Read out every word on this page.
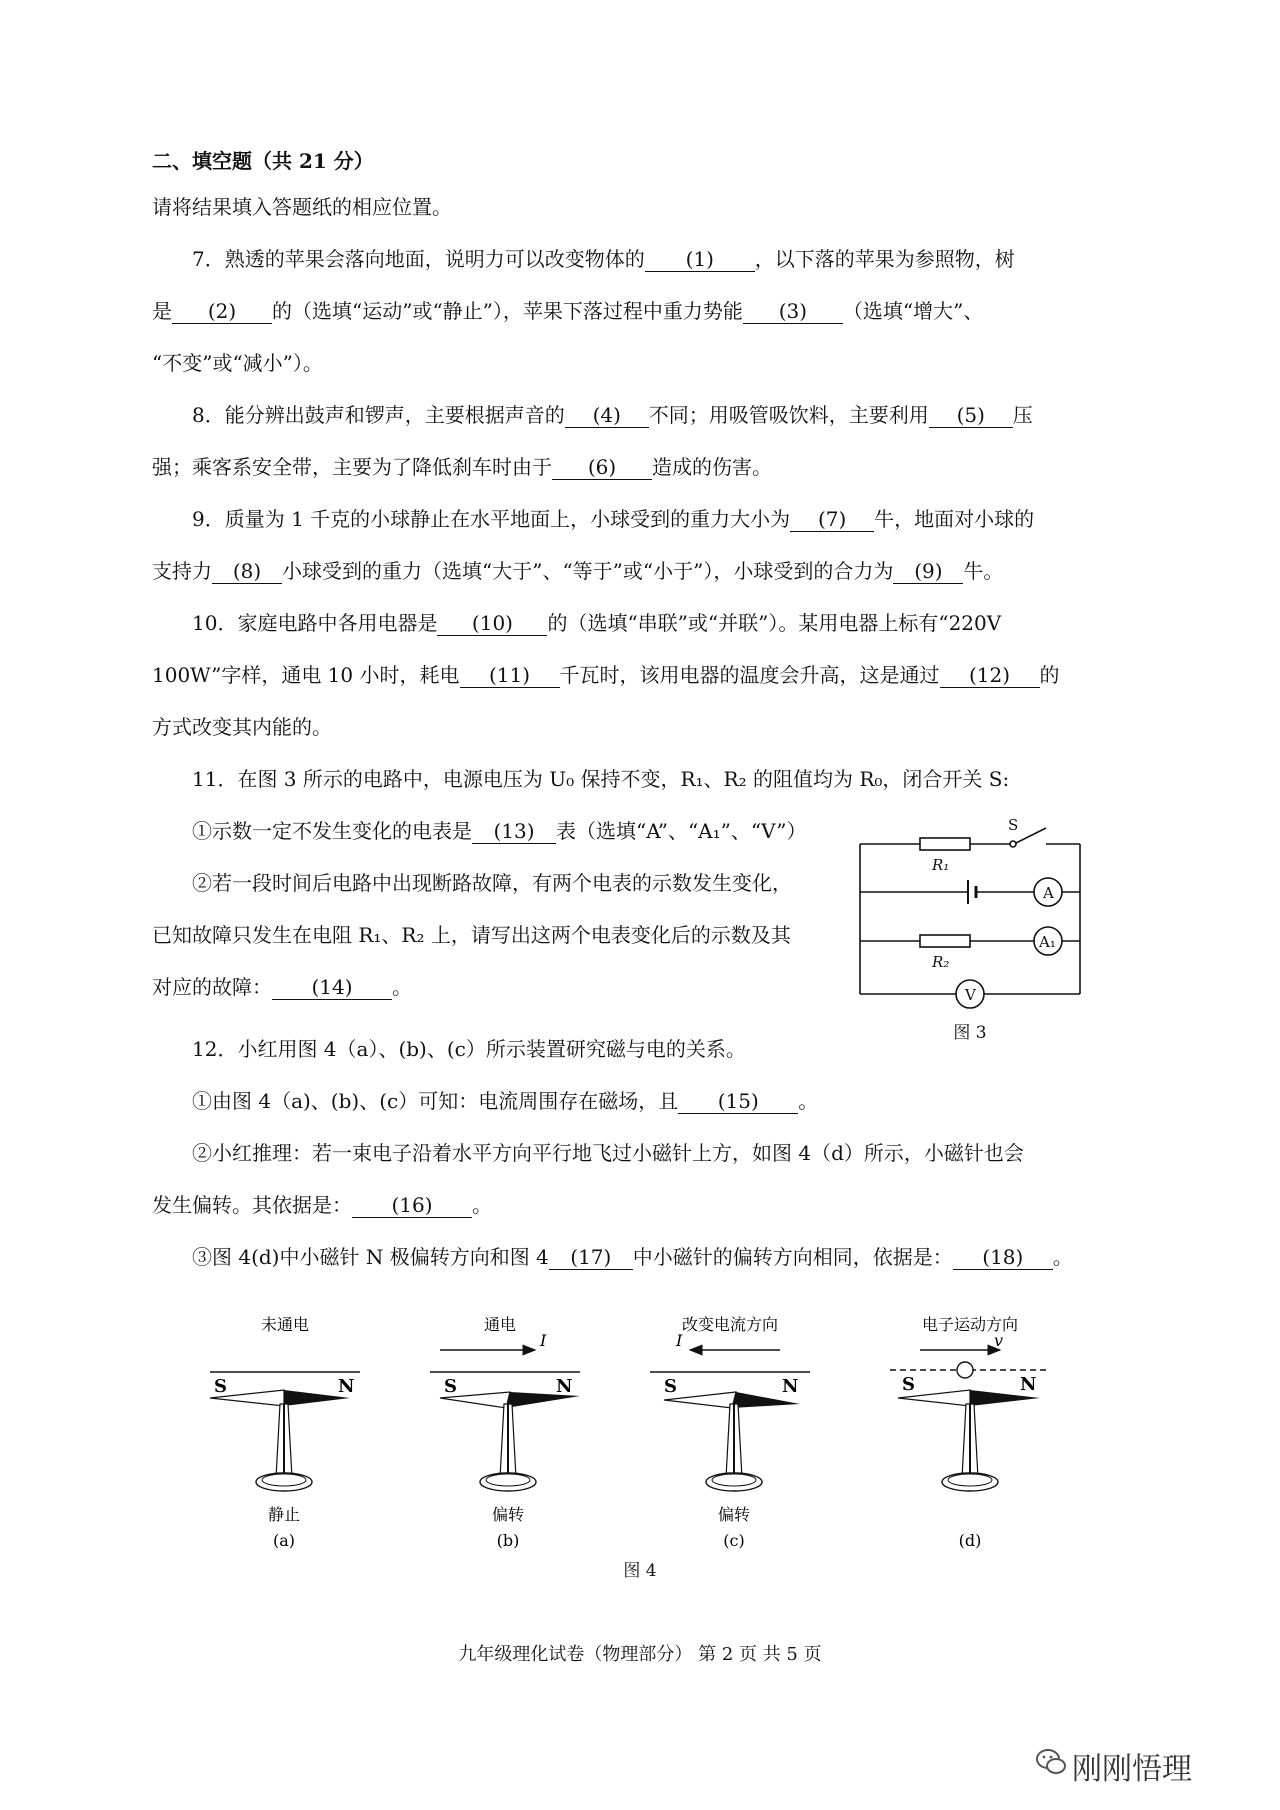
二、填空题（共 21 分）
请将结果填入答题纸的相应位置。
7．熟透的苹果会落向地面，说明力可以改变物体的 (1) ，以下落的苹果为参照物，树
是 (2) 的（选填“运动”或“静止”），苹果下落过程中重力势能 (3) （选填“增大”、
“不变”或“减小”）。
8．能分辨出鼓声和锣声，主要根据声音的 (4) 不同；用吸管吸饮料，主要利用 (5) 压
强；乘客系安全带，主要为了降低刹车时由于 (6) 造成的伤害。
9．质量为 1 千克的小球静止在水平地面上，小球受到的重力大小为 (7) 牛，地面对小球的
支持力 (8) 小球受到的重力（选填“大于”、“等于”或“小于”），小球受到的合力为 (9) 牛。
10．家庭电路中各用电器是 (10) 的（选填“串联”或“并联”）。某用电器上标有“220V
100W”字样，通电 10 小时，耗电 (11) 千瓦时，该用电器的温度会升高，这是通过 (12) 的
方式改变其内能的。
11．在图 3 所示的电路中，电源电压为 U₀ 保持不变，R₁、R₂ 的阻值均为 R₀，闭合开关 S:
①示数一定不发生变化的电表是 (13) 表（选填“A”、“A₁”、“V”）
②若一段时间后电路中出现断路故障，有两个电表的示数发生变化，
已知故障只发生在电阻 R₁、R₂ 上，请写出这两个电表变化后的示数及其
对应的故障： (14) 。
R₁
R₂
S
A
A₁
V
图 3
12．小红用图 4（a）、(b)、(c）所示装置研究磁与电的关系。
①由图 4（a)、(b)、(c）可知：电流周围存在磁场，且 (15) 。
②小红推理：若一束电子沿着水平方向平行地飞过小磁针上方，如图 4（d）所示，小磁针也会
发生偏转。其依据是： (16) 。
③图 4(d)中小磁针 N 极偏转方向和图 4 (17) 中小磁针的偏转方向相同，依据是： (18) 。
未通电
S	N
静止
(a)
通电
I
S	N
偏转
(b)
改变电流方向
I
S	N
偏转
(c)
电子运动方向
v
S	N
(d)
图 4
九年级理化试卷（物理部分） 第 2 页 共 5 页
刚刚悟理
